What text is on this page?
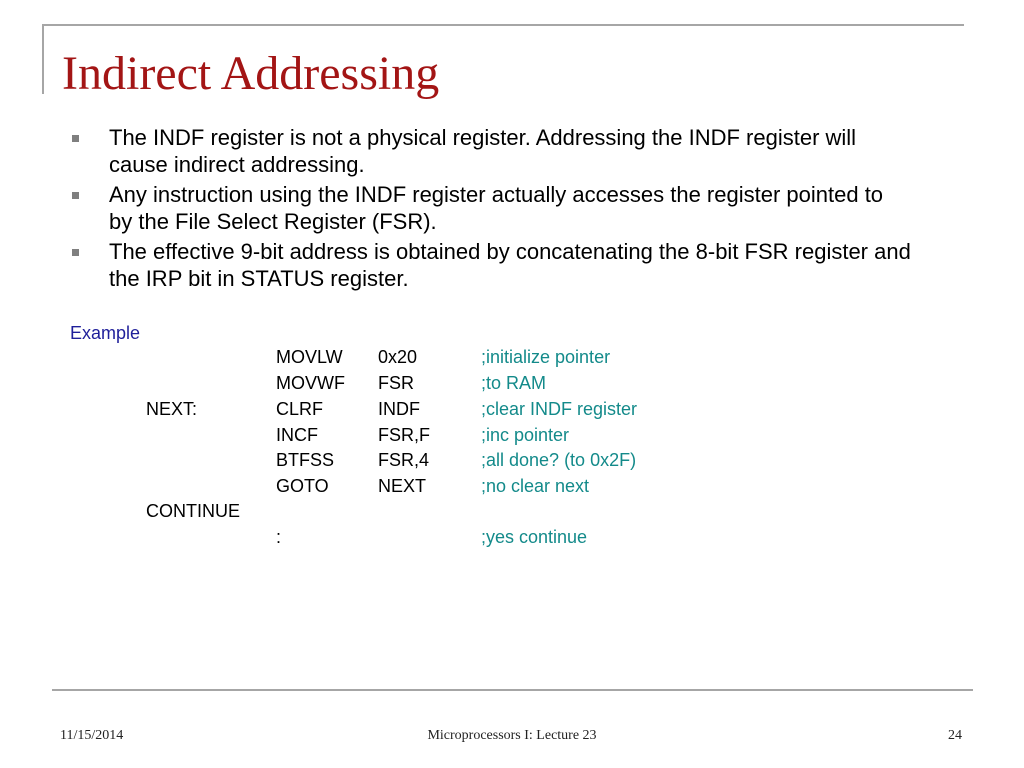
Indirect Addressing
The INDF register is not a physical register. Addressing the INDF register will cause indirect addressing.
Any instruction using the INDF register actually accesses the register pointed to by the File Select Register (FSR).
The effective 9-bit address is obtained by concatenating the 8-bit FSR register and the IRP bit in STATUS register.
Example
MOVLW 0x20	;initialize pointer
MOVWF FSR	;to RAM
NEXT:	CLRF	INDF	;clear INDF register
INCF	FSR,F	;inc pointer
BTFSS FSR,4	;all done? (to 0x2F)
GOTO	NEXT	;no clear next
CONTINUE
:	;yes continue
11/15/2014	Microprocessors I: Lecture 23	24
